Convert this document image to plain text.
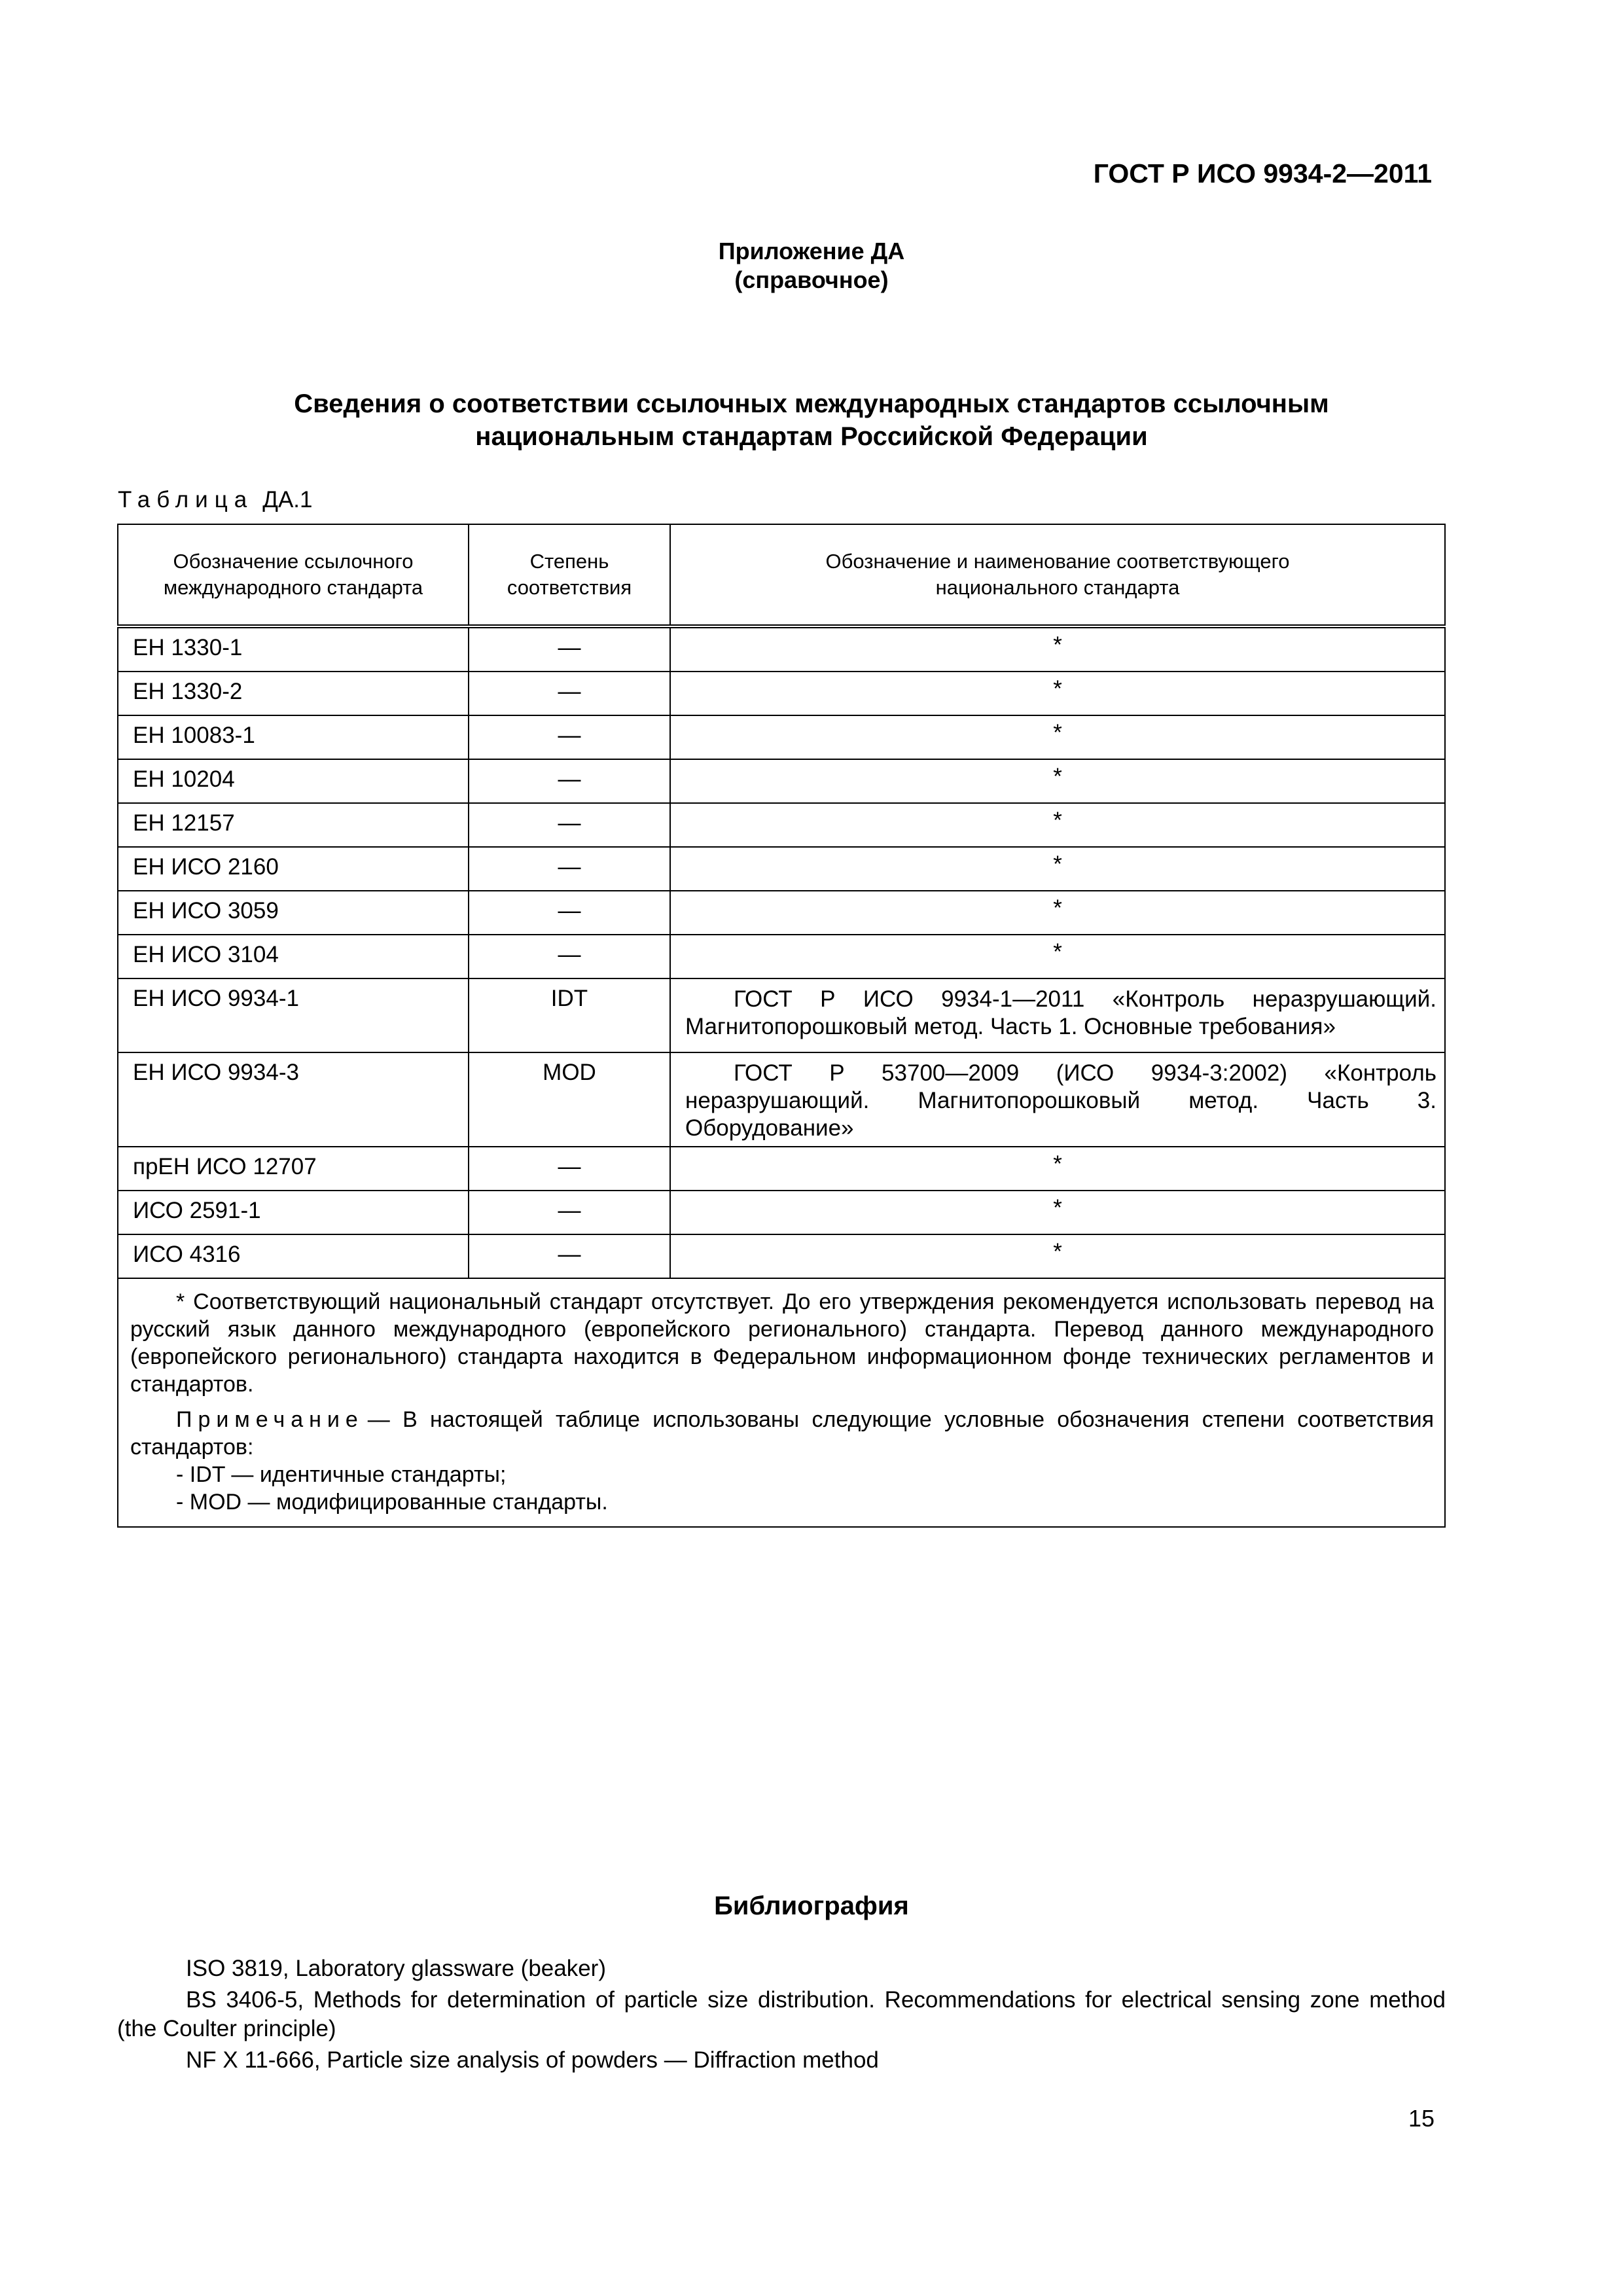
ГОСТ Р ИСО 9934-2—2011
Приложение ДА
(справочное)
Сведения о соответствии ссылочных международных стандартов ссылочным
национальным стандартам Российской Федерации
Таблица ДА.1
Обозначение ссылочного международного стандарта	Степень соответствия	Обозначение и наименование соответствующего национального стандарта
ЕН 1330-1	—	*
ЕН 1330-2	—	*
ЕН 10083-1	—	*
ЕН 10204	—	*
ЕН 12157	—	*
ЕН ИСО 2160	—	*
ЕН ИСО 3059	—	*
ЕН ИСО 3104	—	*
ЕН ИСО 9934-1	IDT	ГОСТ Р ИСО 9934-1—2011 «Контроль неразрушающий. Магнитопорошковый метод. Часть 1. Основные требования»
ЕН ИСО 9934-3	MOD	ГОСТ Р 53700—2009 (ИСО 9934-3:2002) «Контроль неразрушающий. Магнитопорошковый метод. Часть 3. Оборудование»
прЕН ИСО 12707	—	*
ИСО 2591-1	—	*
ИСО 4316	—	*

* Соответствующий национальный стандарт отсутствует. До его утверждения рекомендуется использовать перевод на русский язык данного международного (европейского регионального) стандарта. Перевод данного международного (европейского регионального) стандарта находится в Федеральном информационном фонде технических регламентов и стандартов.

Примечание — В настоящей таблице использованы следующие условные обозначения степени соответствия стандартов:

- IDT — идентичные стандарты;

- MOD — модифицированные стандарты.		

Библиография
ISO 3819, Laboratory glassware (beaker)
BS 3406-5, Methods for determination of particle size distribution. Recommendations for electrical sensing zone method (the Coulter principle)
NF X 11-666, Particle size analysis of powders — Diffraction method
15
